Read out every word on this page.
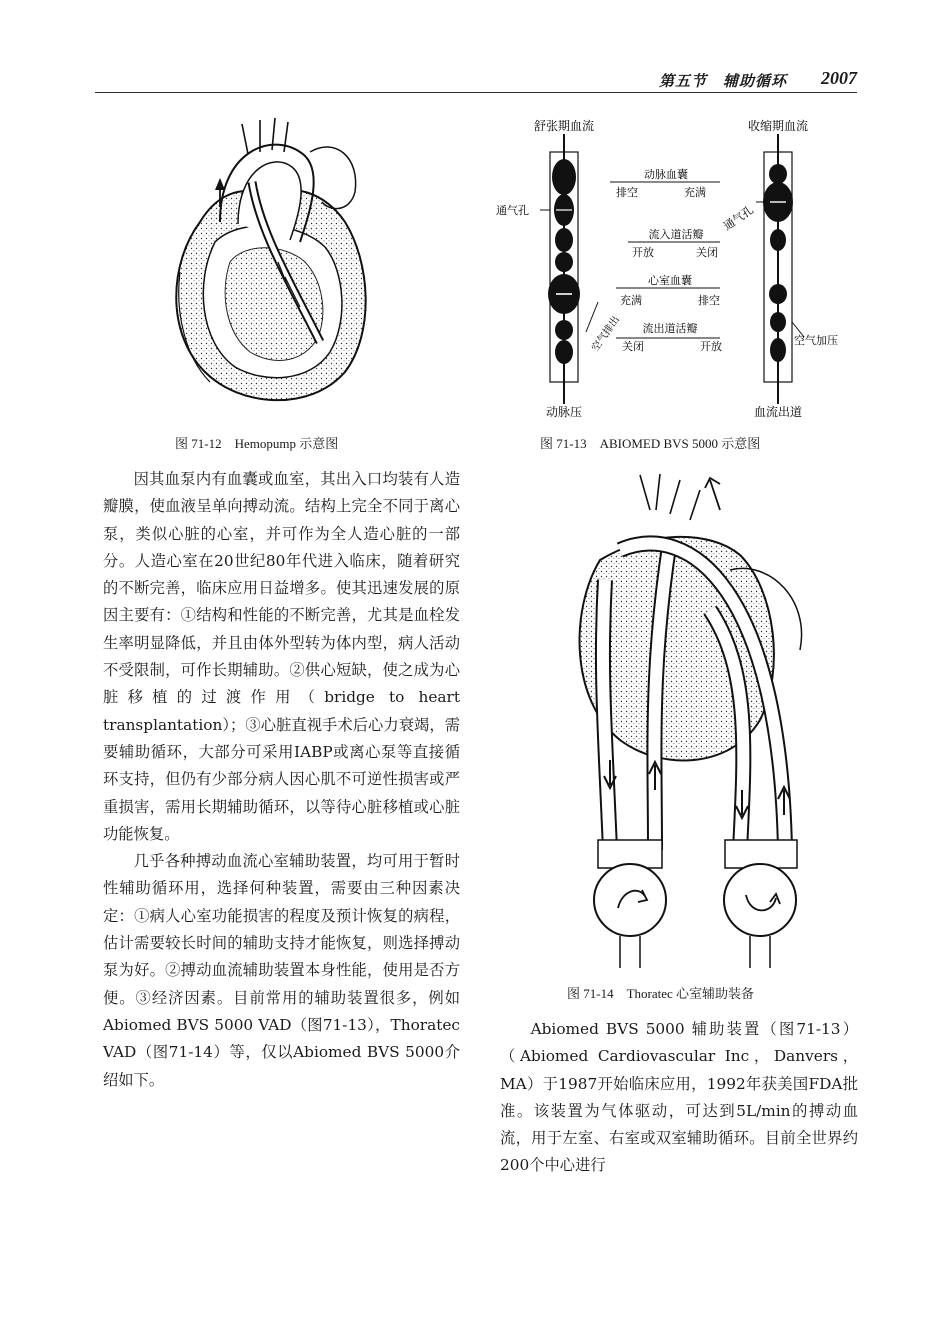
第五节　辅助循环 2007
图 71-12　Hemopump 示意图
舒张期血流	收缩期血流
通气孔	通气孔
动脉血囊
排空	充满
流入道活瓣
开放	关闭
心室血囊
充满	排空
流出道活瓣
关闭	开放
空气排出	空气加压
动脉压	血流出道
图 71-13　ABIOMED BVS 5000 示意图
图 71-14　Thoratec 心室辅助装备

因其血泵内有血囊或血室，其出入口均装有人造瓣膜，使血液呈单向搏动流。结构上完全不同于离心泵，类似心脏的心室，并可作为全人造心脏的一部分。人造心室在20世纪80年代进入临床，随着研究的不断完善，临床应用日益增多。使其迅速发展的原因主要有：①结构和性能的不断完善，尤其是血栓发生率明显降低，并且由体外型转为体内型，病人活动不受限制，可作长期辅助。②供心短缺，使之成为心脏移植的过渡作用（bridge to heart transplantation）；③心脏直视手术后心力衰竭，需要辅助循环，大部分可采用IABP或离心泵等直接循环支持，但仍有少部分病人因心肌不可逆性损害或严重损害，需用长期辅助循环，以等待心脏移植或心脏功能恢复。

几乎各种搏动血流心室辅助装置，均可用于暂时性辅助循环用，选择何种装置，需要由三种因素决定：①病人心室功能损害的程度及预计恢复的病程，估计需要较长时间的辅助支持才能恢复，则选择搏动泵为好。②搏动血流辅助装置本身性能，使用是否方便。③经济因素。目前常用的辅助装置很多，例如Abiomed BVS 5000 VAD（图71-13），Thoratec VAD（图71-14）等，仅以Abiomed BVS 5000介绍如下。

Abiomed BVS 5000 辅助装置（图71-13）（Abiomed Cardiovascular Inc，Danvers，MA）于1987开始临床应用，1992年获美国FDA批准。该装置为气体驱动，可达到5L/min的搏动血流，用于左室、右室或双室辅助循环。目前全世界约200个中心进行
